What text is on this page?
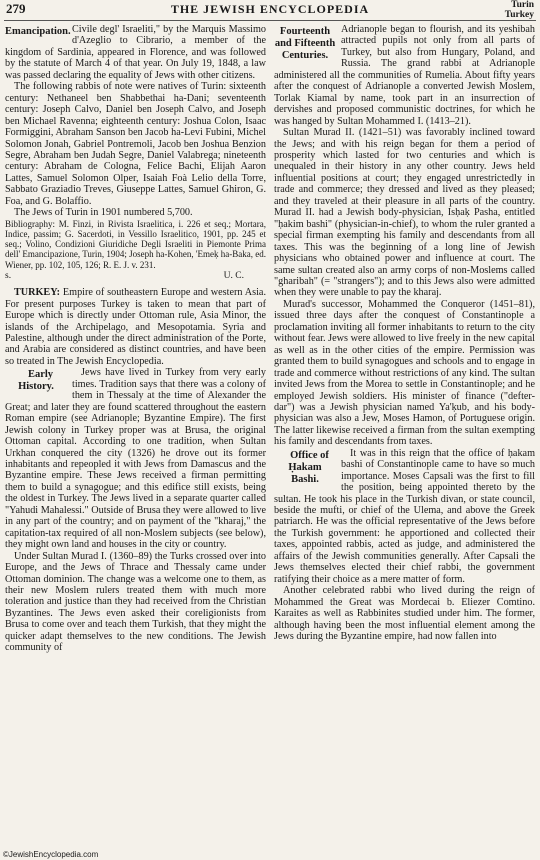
279	THE JEWISH ENCYCLOPEDIA	Turin
Turkey

Emancipation. Civile degl' Israeliti," by the Marquis Massimo d'Azeglio to Cibrario, a member of the kingdom of Sardinia, appeared in Florence, and was followed by the statute of March 4 of that year. On July 19, 1848, a law was passed declaring the equality of Jews with other citizens.

The following rabbis of note were natives of Turin: sixteenth century: Nethaneel ben Shabbethai ha-Dani; seventeenth century: Joseph Calvo, Daniel ben Joseph Calvo, and Joseph ben Michael Ravenna; eighteenth century: Joshua Colon, Isaac Formiggini, Abraham Sanson ben Jacob ha-Levi Fubini, Michel Solomon Jonah, Gabriel Pontremoli, Jacob ben Joshua Benzion Segre, Abraham ben Judah Segre, Daniel Valabrega; nineteenth century: Abraham de Cologna, Felice Bachi, Elijah Aaron Lattes, Samuel Solomon Olper, Isaiah Foà Lelio della Torre, Sabbato Graziadio Treves, Giuseppe Lattes, Samuel Ghiron, G. Foa, and G. Bolaffio.

The Jews of Turin in 1901 numbered 5,700.

Bibliography: M. Finzi, in Rivista Israelitica, i. 226 et seq.; Mortara, Indice, passim; G. Sacerdoti, in Vessillo Israelitico, 1901, pp. 245 et seq.; Volino, Condizioni Giuridiche Degli Israeliti in Piemonte Prima dell' Emancipazione, Turin, 1904; Joseph ha-Kohen, 'Emeḳ ha-Baka, ed. Wiener, pp. 102, 105, 126; R. E. J. v. 231.

s.	U. C.

TURKEY: Empire of southeastern Europe and western Asia. For present purposes Turkey is taken to mean that part of Europe which is directly under Ottoman rule, Asia Minor, the islands of the Archipelago, and Mesopotamia. Syria and Palestine, although under the direct administration of the Porte, and Arabia are considered as distinct countries, and have been so treated in The Jewish Encyclopedia.

Early History.
Jews have lived in Turkey from very early times. Tradition says that there was a colony of them in Thessaly at the time of Alexander the Great; and later they are found scattered throughout the eastern Roman empire (see Adrianople; Byzantine Empire). The first Jewish colony in Turkey proper was at Brusa, the original Ottoman capital. According to one tradition, when Sultan Urkhan conquered the city (1326) he drove out its former inhabitants and repeopled it with Jews from Damascus and the Byzantine empire. These Jews received a firman permitting them to build a synagogue; and this edifice still exists, being the oldest in Turkey. The Jews lived in a separate quarter called "Yahudi Mahalessi." Outside of Brusa they were allowed to live in any part of the country; and on payment of the "kharaj," the capitation-tax required of all non-Moslem subjects (see below), they might own land and houses in the city or country.

Under Sultan Murad I. (1360–89) the Turks crossed over into Europe, and the Jews of Thrace and Thessaly came under Ottoman dominion. The change was a welcome one to them, as their new Moslem rulers treated them with much more toleration and justice than they had received from the Christian Byzantines. The Jews even asked their coreligionists from Brusa to come over and teach them Turkish, that they might the quicker adapt themselves to the new conditions. The Jewish community of

Fourteenth and Fifteenth Centuries.
Adrianople began to flourish, and its yeshibah attracted pupils not only from all parts of Turkey, but also from Hungary, Poland, and Russia. The grand rabbi at Adrianople administered all the communities of Rumelia. About fifty years after the conquest of Adrianople a converted Jewish Moslem, Torlak Kiamal by name, took part in an insurrection of dervishes and proposed communistic doctrines, for which he was hanged by Sultan Mohammed I. (1413–21).

Sultan Murad II. (1421–51) was favorably inclined toward the Jews; and with his reign began for them a period of prosperity which lasted for two centuries and which is unequaled in their history in any other country. Jews held influential positions at court; they engaged unrestrictedly in trade and commerce; they dressed and lived as they pleased; and they traveled at their pleasure in all parts of the country. Murad II. had a Jewish body-physician, Isḥaḳ Pasha, entitled "ḥakim bashi" (physician-in-chief), to whom the ruler granted a special firman exempting his family and descendants from all taxes. This was the beginning of a long line of Jewish physicians who obtained power and influence at court. The same sultan created also an army corps of non-Moslems called "gharibah" (= "strangers"); and to this Jews also were admitted when they were unable to pay the kharaj.

Murad's successor, Mohammed the Conqueror (1451–81), issued three days after the conquest of Constantinople a proclamation inviting all former inhabitants to return to the city without fear. Jews were allowed to live freely in the new capital as well as in the other cities of the empire. Permission was granted them to build synagogues and schools and to engage in trade and commerce without restrictions of any kind. The sultan invited Jews from the Morea to settle in Constantinople; and he employed Jewish soldiers. His minister of finance ("defter-dar") was a Jewish physician named Ya'ḳub, and his body-physician was also a Jew, Moses Hamon, of Portuguese origin. The latter likewise received a firman from the sultan exempting his family and descendants from taxes.

Office of Ḥakam Bashi.
It was in this reign that the office of ḥakam bashi of Constantinople came to have so much importance. Moses Capsali was the first to fill the position, being appointed thereto by the sultan. He took his place in the Turkish divan, or state council, beside the mufti, or chief of the Ulema, and above the Greek patriarch. He was the official representative of the Jews before the Turkish government: he apportioned and collected their taxes, appointed rabbis, acted as judge, and administered the affairs of the Jewish communities generally. After Capsali the Jews themselves elected their chief rabbi, the government ratifying their choice as a mere matter of form.

Another celebrated rabbi who lived during the reign of Mohammed the Great was Mordecai b. Eliezer Comtino. Karaites as well as Rabbinites studied under him. The former, although having been the most influential element among the Jews during the Byzantine empire, had now fallen into

©JewishEncyclopedia.com
